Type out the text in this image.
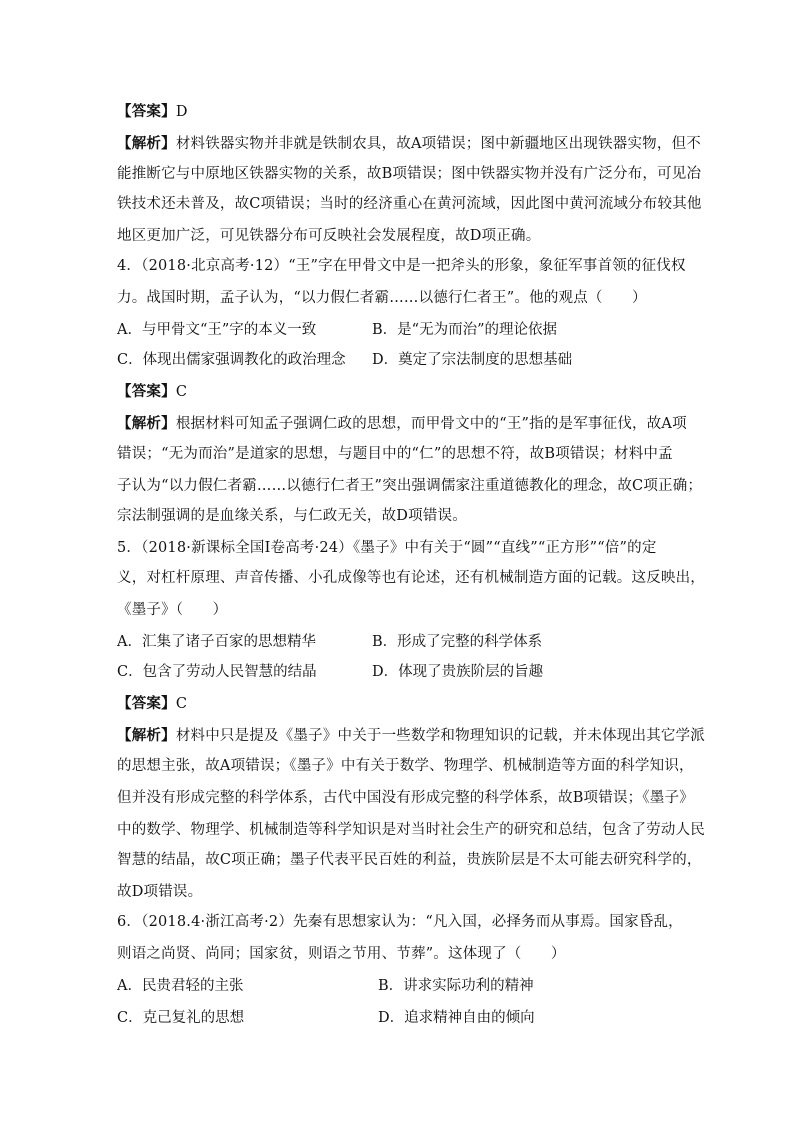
【答案】D
【解析】材料铁器实物并非就是铁制农具，故A项错误；图中新疆地区出现铁器实物，但不
能推断它与中原地区铁器实物的关系，故B项错误；图中铁器实物并没有广泛分布，可见冶
铁技术还未普及，故C项错误；当时的经济重心在黄河流域，因此图中黄河流域分布较其他
地区更加广泛，可见铁器分布可反映社会发展程度，故D项正确。
4．（2018·北京高考·12）“王”字在甲骨文中是一把斧头的形象，象征军事首领的征伐权
力。战国时期，孟子认为，“以力假仁者霸……以德行仁者王”。他的观点（　　）
A．与甲骨文“王”字的本义一致	B．是“无为而治”的理论依据
C．体现出儒家强调教化的政治理念 D．奠定了宗法制度的思想基础
【答案】C
【解析】根据材料可知孟子强调仁政的思想，而甲骨文中的“王”指的是军事征伐，故A项
错误；“无为而治”是道家的思想，与题目中的“仁”的思想不符，故B项错误；材料中孟
子认为“以力假仁者霸……以德行仁者王”突出强调儒家注重道德教化的理念，故C项正确；
宗法制强调的是血缘关系，与仁政无关，故D项错误。
5．（2018·新课标全国Ⅰ卷高考·24）《墨子》中有关于“圆”“直线”“正方形”“倍”的定
义，对杠杆原理、声音传播、小孔成像等也有论述，还有机械制造方面的记载。这反映出，
《墨子》（　　）
A．汇集了诸子百家的思想精华	B．形成了完整的科学体系
C．包含了劳动人民智慧的结晶	D．体现了贵族阶层的旨趣
【答案】C
【解析】材料中只是提及《墨子》中关于一些数学和物理知识的记载，并未体现出其它学派
的思想主张，故A项错误；《墨子》中有关于数学、物理学、机械制造等方面的科学知识，
但并没有形成完整的科学体系，古代中国没有形成完整的科学体系，故B项错误；《墨子》
中的数学、物理学、机械制造等科学知识是对当时社会生产的研究和总结，包含了劳动人民
智慧的结晶，故C项正确；墨子代表平民百姓的利益，贵族阶层是不太可能去研究科学的，
故D项错误。
6．（2018.4·浙江高考·2）先秦有思想家认为：“凡入国，必择务而从事焉。国家昏乱，
则语之尚贤、尚同；国家贫，则语之节用、节葬”。这体现了（　　）
A．民贵君轻的主张	B．讲求实际功利的精神
C．克己复礼的思想	D．追求精神自由的倾向
